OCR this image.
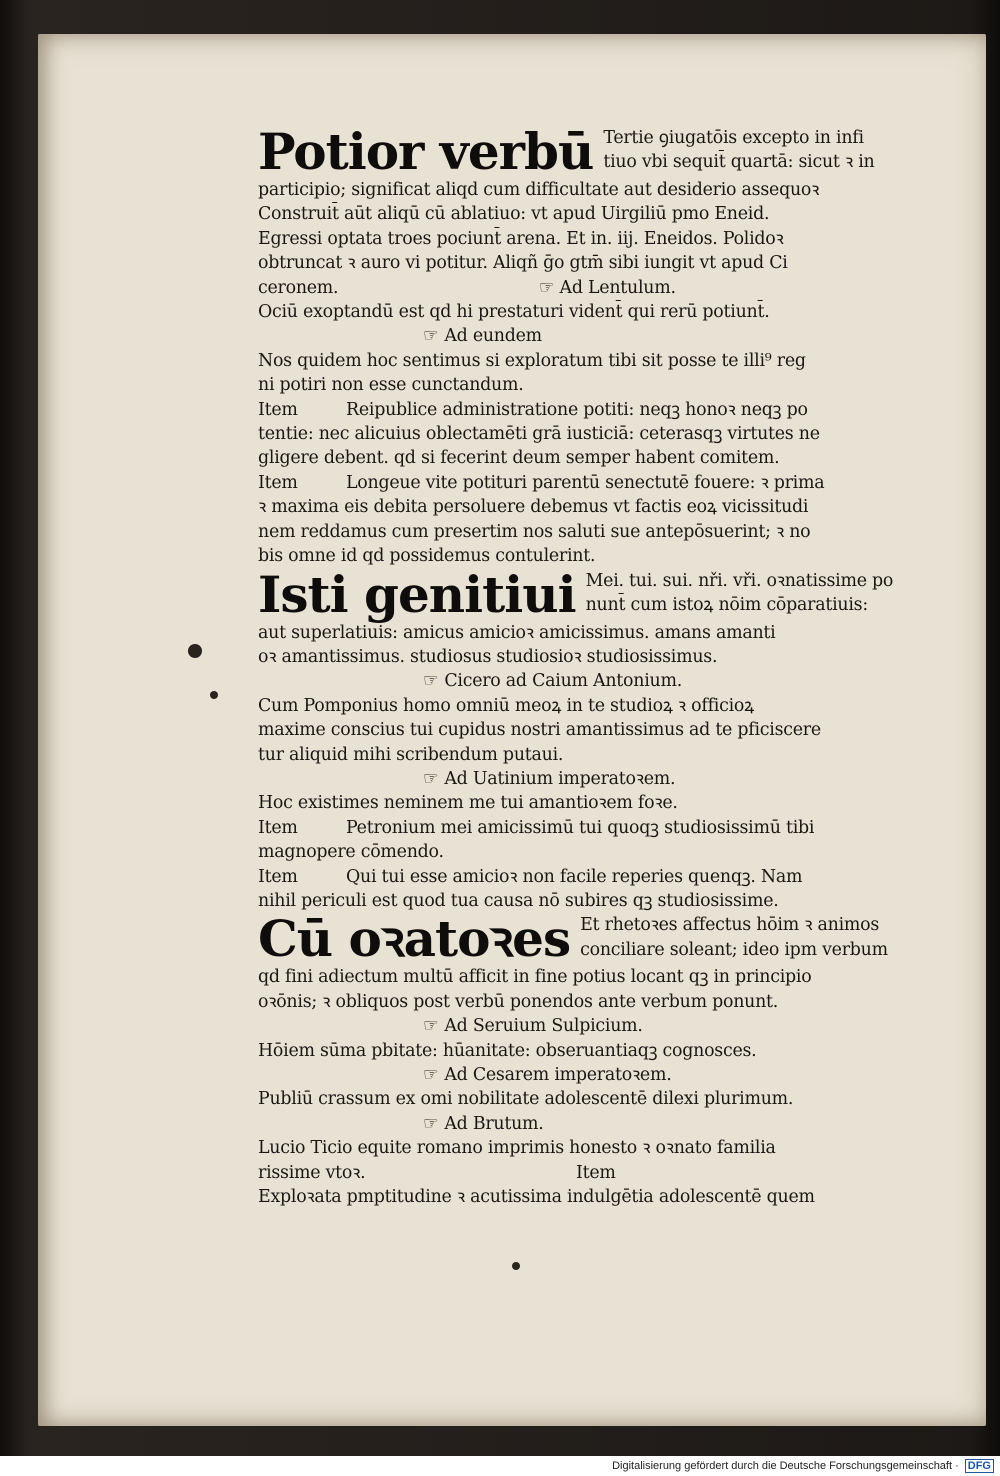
Potior verbū Tertie ꝯiugatōis excepto in infi
tiuo vbi sequit̄ quartā: sicut ꝛ in
participio; significat aliqd cum difficultate aut desiderio assequoꝛ
Construit̄ aūt aliqū cū ablatiuo: vt apud Uirgiliū pmo Eneid.
Egressi optata troes pociunt̄ arena. Et in. iij. Eneidos. Polidoꝛ
obtruncat ꝛ auro vi potitur. Aliqñ ḡo gtm̄ sibi iungit vt apud Ci
ceronem.	☞ Ad Lentulum.
Ociū exoptandū est qd hi prestaturi vident̄ qui rerū potiunt̄.
☞ Ad eundem
Nos quidem hoc sentimus si exploratum tibi sit posse te illi⁹ reg
ni potiri non esse cunctandum.
Item	Reipublice administratione potiti: neqꝫ honoꝛ neqꝫ po
tentie: nec alicuius oblectamēti grā iusticiā: ceterasqꝫ virtutes ne
gligere debent. qd si fecerint deum semper habent comitem.
Item	Longeue vite potituri parentū senectutē fouere: ꝛ prima
ꝛ maxima eis debita persoluere debemus vt factis eoꝝ vicissitudi
nem reddamus cum presertim nos saluti sue antepōsuerint; ꝛ no
bis omne id qd possidemus contulerint.
Isti genitiui Mei. tui. sui. nři. vři. oꝛnatissime po
nunt̄ cum istoꝝ nōim cōparatiuis:
aut superlatiuis: amicus amicioꝛ amicissimus. amans amanti
oꝛ amantissimus. studiosus studiosioꝛ studiosissimus.
☞ Cicero ad Caium Antonium.
Cum Pomponius homo omniū meoꝝ in te studioꝝ ꝛ officioꝝ
maxime conscius tui cupidus nostri amantissimus ad te pficiscere
tur aliquid mihi scribendum putaui.
☞ Ad Uatinium imperatoꝛem.
Hoc existimes neminem me tui amantioꝛem foꝛe.
Item	Petronium mei amicissimū tui quoqꝫ studiosissimū tibi
magnopere cōmendo.
Item	Qui tui esse amicioꝛ non facile reperies quenqꝫ. Nam
nihil periculi est quod tua causa nō subires qꝫ studiosissime.
Cū oꝛatoꝛes Et rhetoꝛes affectus hōim ꝛ animos
conciliare soleant; ideo ipm verbum
qd fini adiectum multū afficit in fine potius locant qꝫ in principio
oꝛōnis; ꝛ obliquos post verbū ponendos ante verbum ponunt.
☞ Ad Seruium Sulpicium.
Hōiem sūma pbitate: hūanitate: obseruantiaqꝫ cognosces.
☞ Ad Cesarem imperatoꝛem.
Publiū crassum ex omi nobilitate adolescentē dilexi plurimum.
☞ Ad Brutum.
Lucio Ticio equite romano imprimis honesto ꝛ oꝛnato familia
rissime vtoꝛ.	Item
Exploꝛata pmptitudine ꝛ acutissima indulgētia adolescentē quem
Digitalisierung gefördert durch die Deutsche Forschungsgemeinschaft · DFG
